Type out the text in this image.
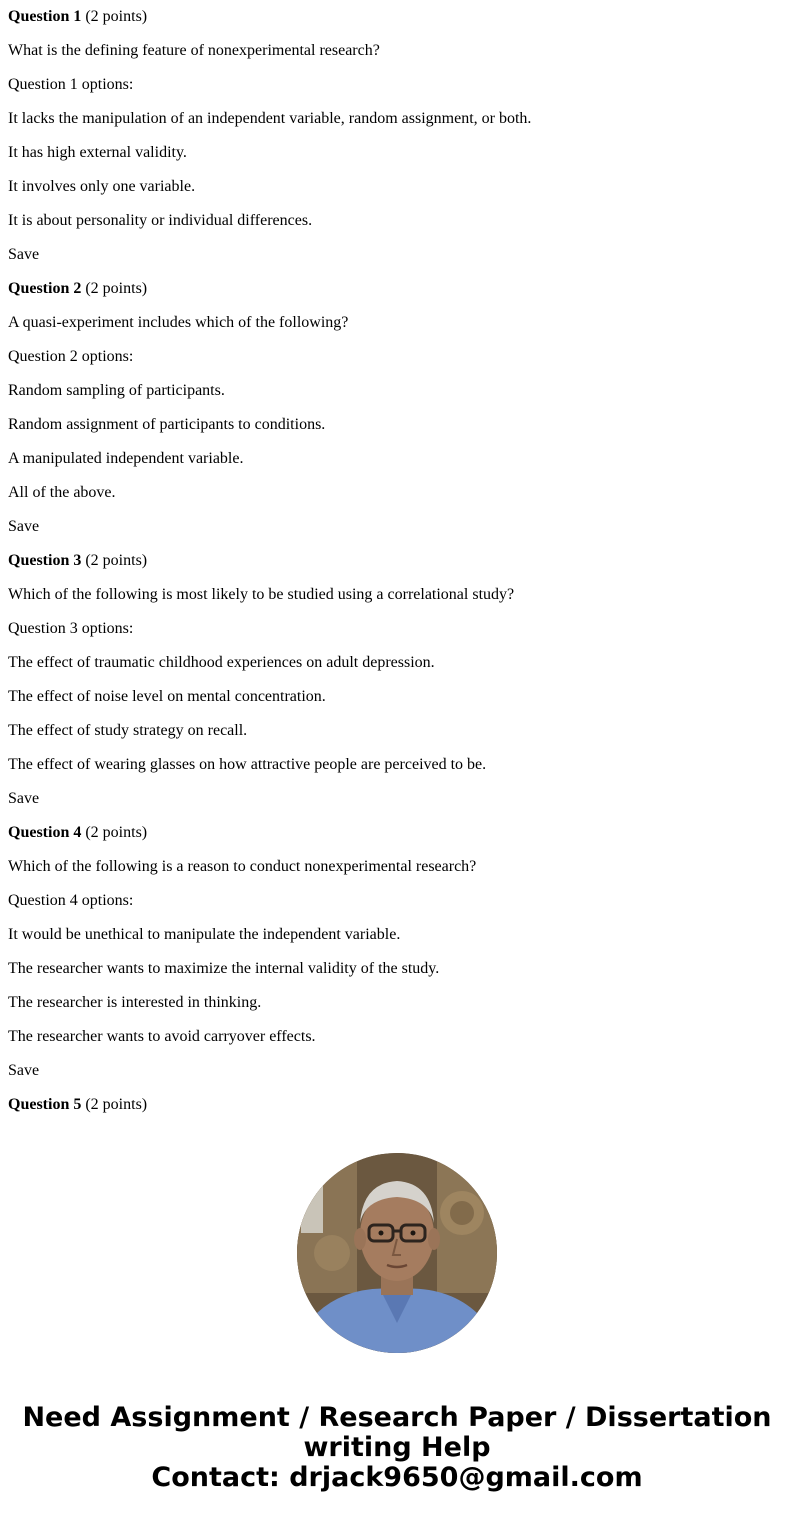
Question 1 (2 points)
What is the defining feature of nonexperimental research?
Question 1 options:
It lacks the manipulation of an independent variable, random assignment, or both.
It has high external validity.
It involves only one variable.
It is about personality or individual differences.
Save
Question 2 (2 points)
A quasi-experiment includes which of the following?
Question 2 options:
Random sampling of participants.
Random assignment of participants to conditions.
A manipulated independent variable.
All of the above.
Save
Question 3 (2 points)
Which of the following is most likely to be studied using a correlational study?
Question 3 options:
The effect of traumatic childhood experiences on adult depression.
The effect of noise level on mental concentration.
The effect of study strategy on recall.
The effect of wearing glasses on how attractive people are perceived to be.
Save
Question 4 (2 points)
Which of the following is a reason to conduct nonexperimental research?
Question 4 options:
It would be unethical to manipulate the independent variable.
The researcher wants to maximize the internal validity of the study.
The researcher is interested in thinking.
The researcher wants to avoid carryover effects.
Save
Question 5 (2 points)
Need Assignment / Research Paper / Dissertation
writing Help
Contact: drjack9650@gmail.com
